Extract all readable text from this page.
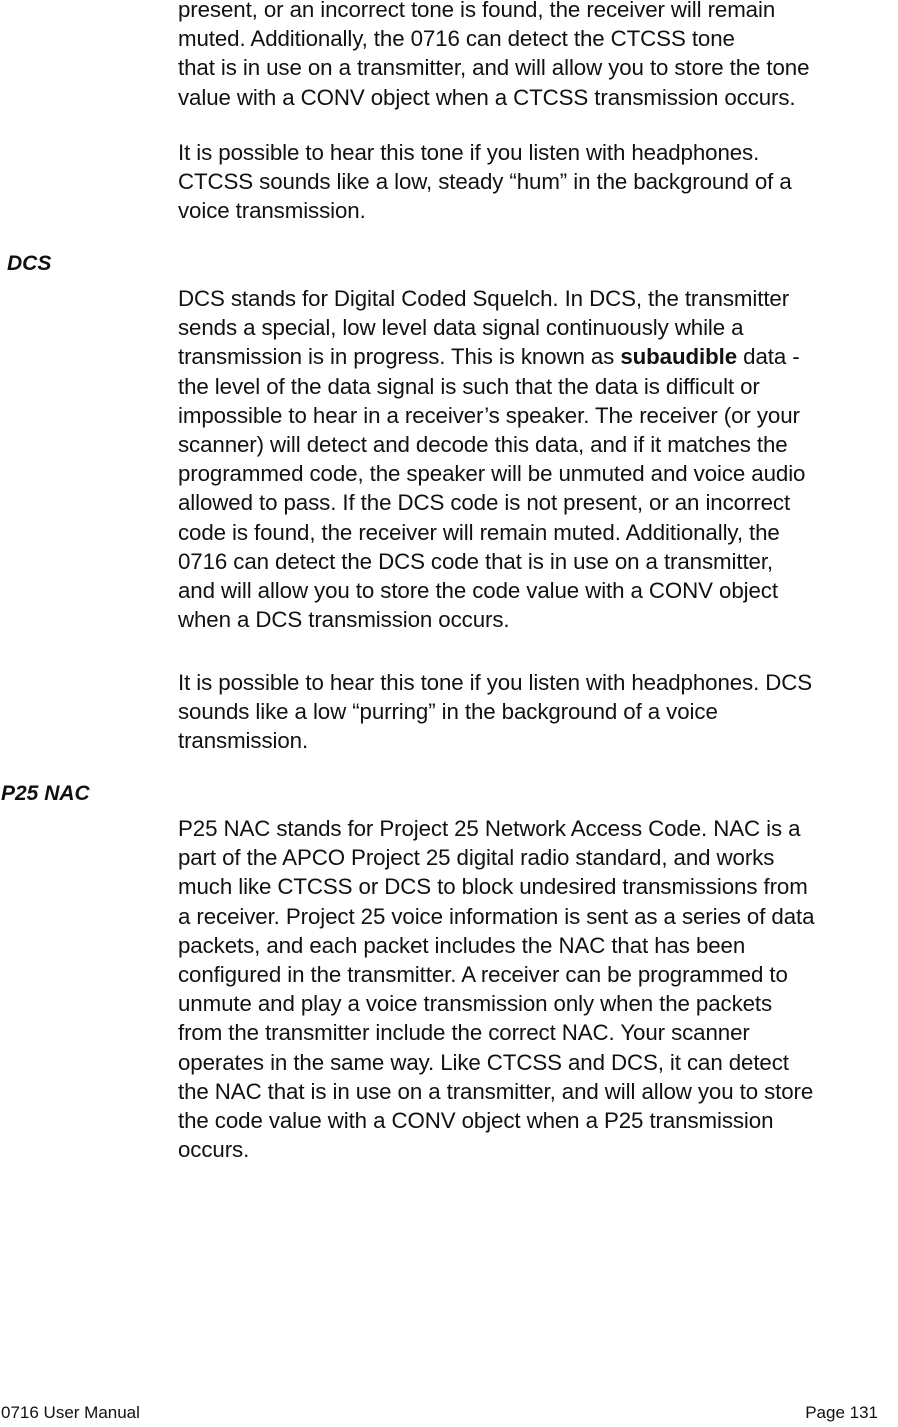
present, or an incorrect tone is found, the receiver will remain
muted. Additionally, the 0716 can detect the CTCSS tone
that is in use on a transmitter, and will allow you to store the tone
value with a CONV object when a CTCSS transmission occurs.

It is possible to hear this tone if you listen with headphones.
CTCSS sounds like a low, steady “hum” in the background of a
voice transmission.

DCS

DCS stands for Digital Coded Squelch. In DCS, the transmitter
sends a special, low level data signal continuously while a
transmission is in progress. This is known as subaudible data -
the level of the data signal is such that the data is difficult or
impossible to hear in a receiver’s speaker. The receiver (or your
scanner) will detect and decode this data, and if it matches the
programmed code, the speaker will be unmuted and voice audio
allowed to pass. If the DCS code is not present, or an incorrect
code is found, the receiver will remain muted. Additionally, the
0716 can detect the DCS code that is in use on a transmitter,
and will allow you to store the code value with a CONV object
when a DCS transmission occurs.

It is possible to hear this tone if you listen with headphones. DCS
sounds like a low “purring” in the background of a voice
transmission.

P25 NAC

P25 NAC stands for Project 25 Network Access Code. NAC is a
part of the APCO Project 25 digital radio standard, and works
much like CTCSS or DCS to block undesired transmissions from
a receiver. Project 25 voice information is sent as a series of data
packets, and each packet includes the NAC that has been
configured in the transmitter. A receiver can be programmed to
unmute and play a voice transmission only when the packets
from the transmitter include the correct NAC. Your scanner
operates in the same way. Like CTCSS and DCS, it can detect
the NAC that is in use on a transmitter, and will allow you to store
the code value with a CONV object when a P25 transmission
occurs.

0716 User Manual	Page 131
